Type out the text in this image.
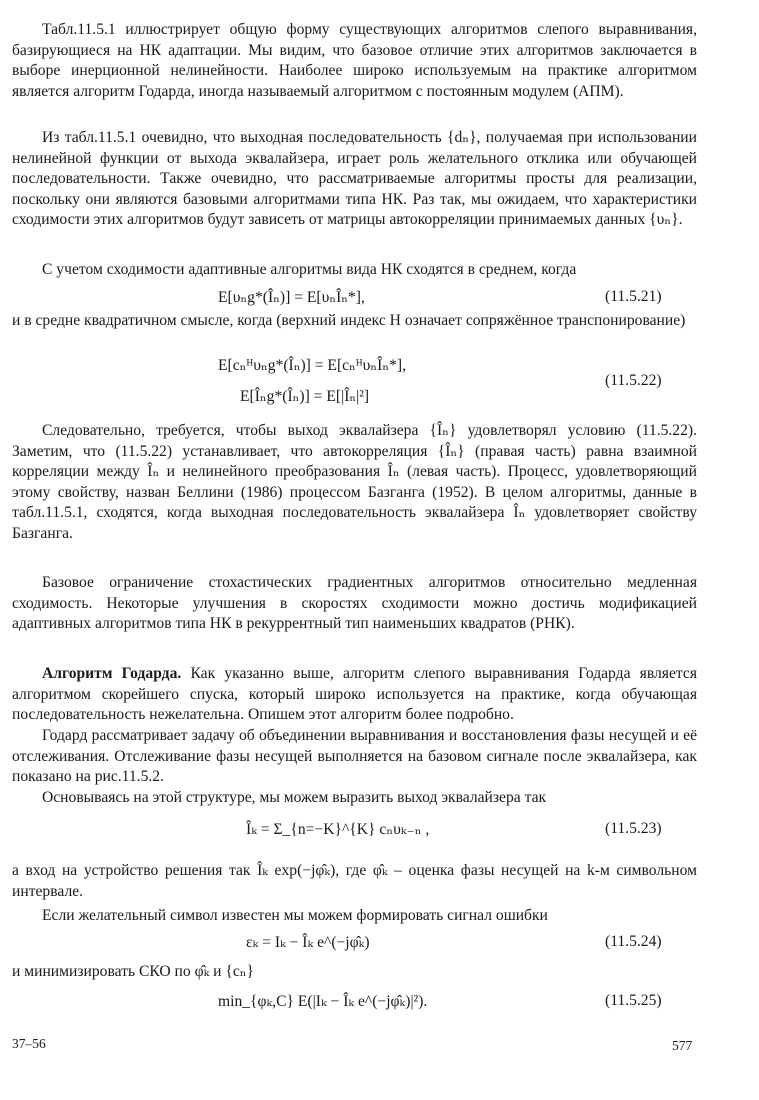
Табл.11.5.1 иллюстрирует общую форму существующих алгоритмов слепого выравнивания, базирующиеся на НК адаптации. Мы видим, что базовое отличие этих алгоритмов заключается в выборе инерционной нелинейности. Наиболее широко используемым на практике алгоритмом является алгоритм Годарда, иногда называемый алгоритмом с постоянным модулем (АПМ).

Из табл.11.5.1 очевидно, что выходная последовательность {dₙ}, получаемая при использовании нелинейной функции от выхода эквалайзера, играет роль желательного отклика или обучающей последовательности. Также очевидно, что рассматриваемые алгоритмы просты для реализации, поскольку они являются базовыми алгоритмами типа НК. Раз так, мы ожидаем, что характеристики сходимости этих алгоритмов будут зависеть от матрицы автокорреляции принимаемых данных {υₙ}.

С учетом сходимости адаптивные алгоритмы вида НК сходятся в среднем, когда

E[υₙg*(Îₙ)] = E[υₙÎₙ*],	(11.5.21)

и в средне квадратичном смысле, когда (верхний индекс H означает сопряжённое транспонирование)

E[cₙᴴυₙg*(Îₙ)] = E[cₙᴴυₙÎₙ*],
E[Îₙg*(Îₙ)] = E[|Îₙ|²]
(11.5.22)

Следовательно, требуется, чтобы выход эквалайзера {Îₙ} удовлетворял условию (11.5.22). Заметим, что (11.5.22) устанавливает, что автокорреляция {Îₙ} (правая часть) равна взаимной корреляции между Îₙ и нелинейного преобразования Îₙ (левая часть). Процесс, удовлетворяющий этому свойству, назван Беллини (1986) процессом Базганга (1952). В целом алгоритмы, данные в табл.11.5.1, сходятся, когда выходная последовательность эквалайзера Îₙ удовлетворяет свойству Базганга.

Базовое ограничение стохастических градиентных алгоритмов относительно медленная сходимость. Некоторые улучшения в скоростях сходимости можно достичь модификацией адаптивных алгоритмов типа НК в рекуррентный тип наименьших квадратов (РНК).

Алгоритм Годарда. Как указанно выше, алгоритм слепого выравнивания Годарда является алгоритмом скорейшего спуска, который широко используется на практике, когда обучающая последовательность нежелательна. Опишем этот алгоритм более подробно.

Годард рассматривает задачу об объединении выравнивания и восстановления фазы несущей и её отслеживания. Отслеживание фазы несущей выполняется на базовом сигнале после эквалайзера, как показано на рис.11.5.2.

Основываясь на этой структуре, мы можем выразить выход эквалайзера так

Îₖ = Σ_{n=−K}^{K} cₙυₖ₋ₙ ,	(11.5.23)

а вход на устройство решения так Îₖ exp(−jφ̂ₖ), где φ̂ₖ – оценка фазы несущей на k-м символьном интервале.

Если желательный символ известен мы можем формировать сигнал ошибки

εₖ = Iₖ − Îₖ e^(−jφ̂ₖ)	(11.5.24)

и минимизировать СКО по φ̂ₖ и {cₙ}

min_{φₖ,C} E(|Iₖ − Îₖ e^(−jφ̂ₖ)|²).	(11.5.25)
37–56	577
